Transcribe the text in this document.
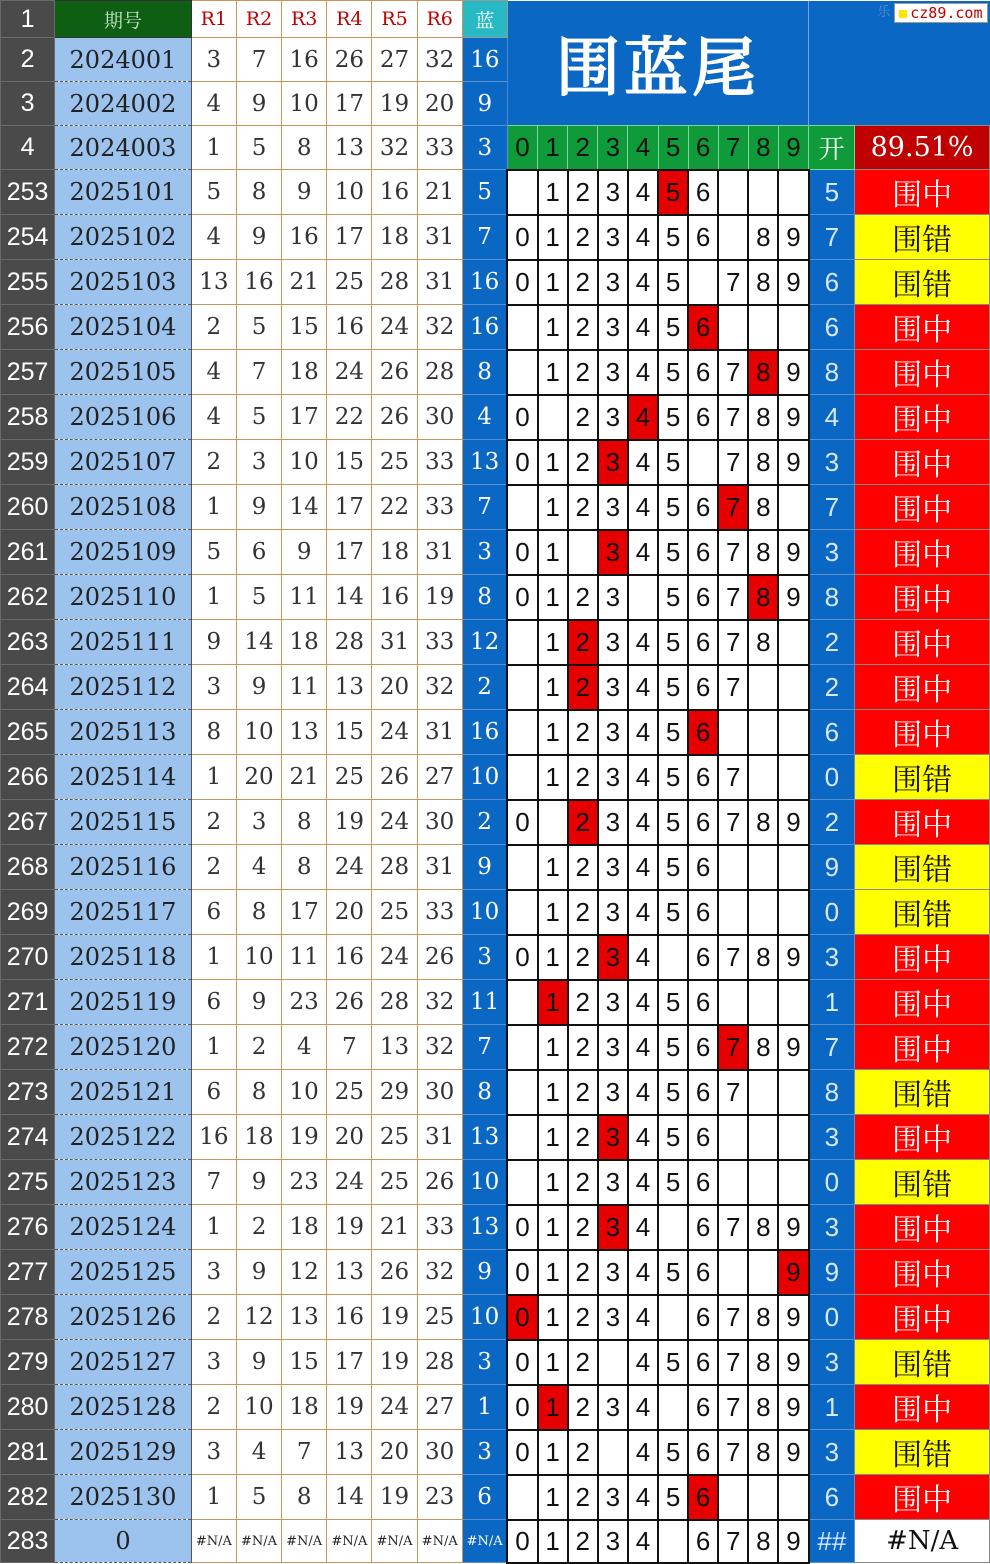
1	期号	R1	R2	R3	R4	R5	R6	蓝	围蓝尾										$^乐$ cz89.com	
2	2024001	3	7	16	26	27	32	16												
3	2024002	4	9	10	17	19	20	9												
4	2024003	1	5	8	13	32	33	3	0	1	2	3	4	5	6	7	8	9	开	89.51%
253	2025101	5	8	9	10	16	21	5		1	2	3	4	5	6				5	围中
254	2025102	4	9	16	17	18	31	7	0	1	2	3	4	5	6		8	9	7	围错
255	2025103	13	16	21	25	28	31	16	0	1	2	3	4	5		7	8	9	6	围错
256	2025104	2	5	15	16	24	32	16		1	2	3	4	5	6				6	围中
257	2025105	4	7	18	24	26	28	8		1	2	3	4	5	6	7	8	9	8	围中
258	2025106	4	5	17	22	26	30	4	0		2	3	4	5	6	7	8	9	4	围中
259	2025107	2	3	10	15	25	33	13	0	1	2	3	4	5		7	8	9	3	围中
260	2025108	1	9	14	17	22	33	7		1	2	3	4	5	6	7	8		7	围中
261	2025109	5	6	9	17	18	31	3	0	1		3	4	5	6	7	8	9	3	围中
262	2025110	1	5	11	14	16	19	8	0	1	2	3		5	6	7	8	9	8	围中
263	2025111	9	14	18	28	31	33	12		1	2	3	4	5	6	7	8		2	围中
264	2025112	3	9	11	13	20	32	2		1	2	3	4	5	6	7			2	围中
265	2025113	8	10	13	15	24	31	16		1	2	3	4	5	6				6	围中
266	2025114	1	20	21	25	26	27	10		1	2	3	4	5	6	7			0	围错
267	2025115	2	3	8	19	24	30	2	0		2	3	4	5	6	7	8	9	2	围中
268	2025116	2	4	8	24	28	31	9		1	2	3	4	5	6				9	围错
269	2025117	6	8	17	20	25	33	10		1	2	3	4	5	6				0	围错
270	2025118	1	10	11	16	24	26	3	0	1	2	3	4		6	7	8	9	3	围中
271	2025119	6	9	23	26	28	32	11		1	2	3	4	5	6				1	围中
272	2025120	1	2	4	7	13	32	7		1	2	3	4	5	6	7	8	9	7	围中
273	2025121	6	8	10	25	29	30	8		1	2	3	4	5	6	7			8	围错
274	2025122	16	18	19	20	25	31	13		1	2	3	4	5	6				3	围中
275	2025123	7	9	23	24	25	26	10		1	2	3	4	5	6				0	围错
276	2025124	1	2	18	19	21	33	13	0	1	2	3	4		6	7	8	9	3	围中
277	2025125	3	9	12	13	26	32	9	0	1	2	3	4	5	6			9	9	围中
278	2025126	2	12	13	16	19	25	10	0	1	2	3	4		6	7	8	9	0	围中
279	2025127	3	9	15	17	19	28	3	0	1	2		4	5	6	7	8	9	3	围错
280	2025128	2	10	18	19	24	27	1	0	1	2	3	4		6	7	8	9	1	围中
281	2025129	3	4	7	13	20	30	3	0	1	2		4	5	6	7	8	9	3	围错
282	2025130	1	5	8	14	19	23	6		1	2	3	4	5	6				6	围中
283	0	#N/A	#N/A	#N/A	#N/A	#N/A	#N/A	#N/A	0	1	2	3	4		6	7	8	9	##	#N/A
